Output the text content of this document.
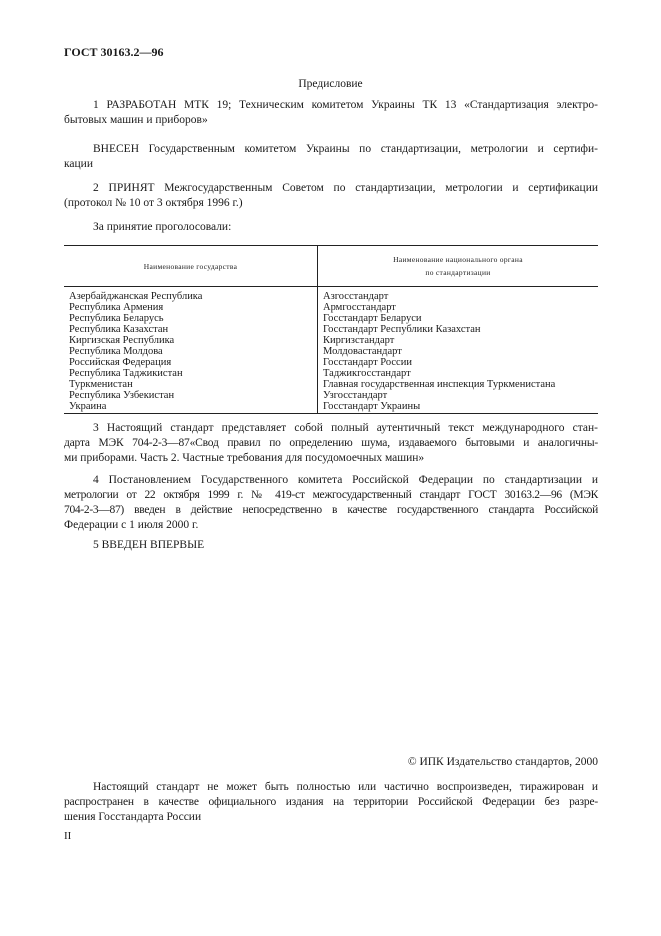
ГОСТ 30163.2—96
Предисловие
1 РАЗРАБОТАН МТК 19; Техническим комитетом Украины ТК 13 «Стандартизация электро-
бытовых машин и приборов»
ВНЕСЕН Государственным комитетом Украины по стандартизации, метрологии и сертифи-
кации
2 ПРИНЯТ Межгосударственным Советом по стандартизации, метрологии и сертификации
(протокол № 10 от 3 октября 1996 г.)
За принятие проголосовали:
Наименование государства	Наименование национального органа
по стандартизации

Азербайджанская Республика	Азгосстандарт
Республика Армения	Армгосстандарт
Республика Беларусь	Госстандарт Беларуси
Республика Казахстан	Госстандарт Республики Казахстан
Киргизская Республика	Киргизстандарт
Республика Молдова	Молдовастандарт
Российская Федерация	Госстандарт России
Республика Таджикистан	Таджикгосстандарт
Туркменистан	Главная государственная инспекция Туркменистана
Республика Узбекистан	Узгосстандарт
Украина	Госстандарт Украины
3 Настоящий стандарт представляет собой полный аутентичный текст международного стан-
дарта МЭК 704-2-3—87«Свод правил по определению шума, издаваемого бытовыми и аналогичны-
ми приборами. Часть 2. Частные требования для посудомоечных машин»
4 Постановлением Государственного комитета Российской Федерации по стандартизации и
метрологии от 22 октября 1999 г. № 419-ст межгосударственный стандарт ГОСТ 30163.2—96 (МЭК
704-2-3—87) введен в действие непосредственно в качестве государственного стандарта Российской
Федерации с 1 июля 2000 г.
5 ВВЕДЕН ВПЕРВЫЕ
© ИПК Издательство стандартов, 2000
Настоящий стандарт не может быть полностью или частично воспроизведен, тиражирован и
распространен в качестве официального издания на территории Российской Федерации без разре-
шения Госстандарта России
II
